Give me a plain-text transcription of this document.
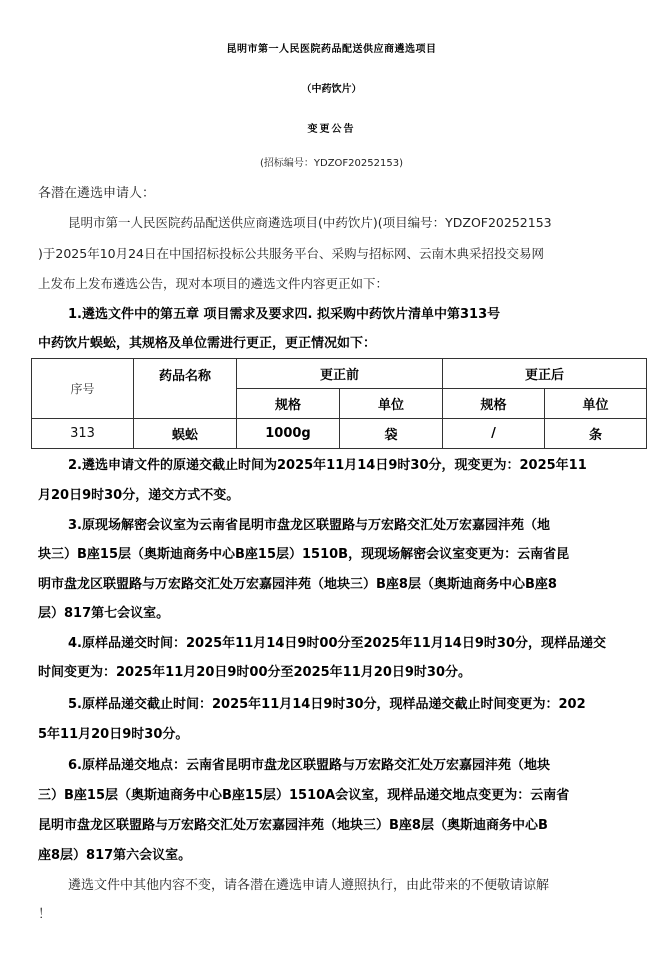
昆明市第一人民医院药品配送供应商遴选项目
（中药饮片）
变更公告
(招标编号：YDZOF20252153)
各潜在遴选申请人：
昆明市第一人民医院药品配送供应商遴选项目(中药饮片)(项目编号：YDZOF20252153
)于2025年10月24日在中国招标投标公共服务平台、采购与招标网、云南木典采招投交易网
上发布上发布遴选公告，现对本项目的遴选文件内容更正如下：
1.遴选文件中的第五章 项目需求及要求四. 拟采购中药饮片清单中第313号
中药饮片蜈蚣，其规格及单位需进行更正，更正情况如下：
序号	药品名称	更正前		更正后	
		规格	单位	规格	单位
313	蜈蚣	1000g	袋	/	条
2.遴选申请文件的原递交截止时间为2025年11月14日9时30分，现变更为：2025年11
月20日9时30分，递交方式不变。
3.原现场解密会议室为云南省昆明市盘龙区联盟路与万宏路交汇处万宏嘉园沣苑（地
块三）B座15层（奥斯迪商务中心B座15层）1510B，现现场解密会议室变更为：云南省昆
明市盘龙区联盟路与万宏路交汇处万宏嘉园沣苑（地块三）B座8层（奥斯迪商务中心B座8
层）817第七会议室。
4.原样品递交时间：2025年11月14日9时00分至2025年11月14日9时30分，现样品递交
时间变更为：2025年11月20日9时00分至2025年11月20日9时30分。
5.原样品递交截止时间：2025年11月14日9时30分，现样品递交截止时间变更为：202
5年11月20日9时30分。
6.原样品递交地点：云南省昆明市盘龙区联盟路与万宏路交汇处万宏嘉园沣苑（地块
三）B座15层（奥斯迪商务中心B座15层）1510A会议室，现样品递交地点变更为：云南省
昆明市盘龙区联盟路与万宏路交汇处万宏嘉园沣苑（地块三）B座8层（奥斯迪商务中心B
座8层）817第六会议室。
遴选文件中其他内容不变，请各潜在遴选申请人遵照执行，由此带来的不便敬请谅解
！
